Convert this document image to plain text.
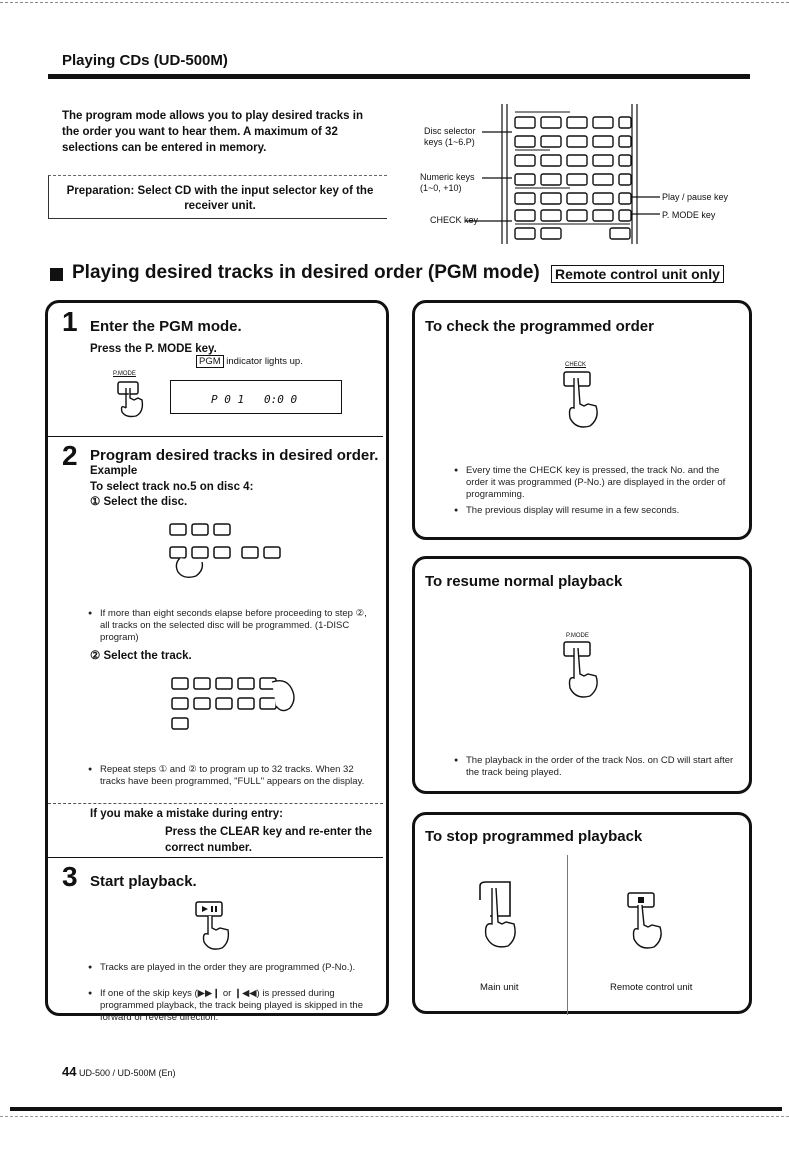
Playing CDs (UD-500M)
The program mode allows you to play desired tracks in the order you want to hear them. A maximum of 32 selections can be entered in memory.
Preparation: Select CD with the input selector key of the receiver unit.
Disc selector keys (1~6.P)
Numeric keys (1~0, +10)
CHECK key
Play / pause key
P. MODE key
Playing desired tracks in desired order (PGM mode) Remote control unit only
1 Enter the PGM mode.
Press the P. MODE key.
PGM indicator lights up.
P.MODE
P 0 1   0:0 0
2 Program desired tracks in desired order.
Example
To select track no.5 on disc 4:
① Select the disc.
● If more than eight seconds elapse before proceeding to step ②, all tracks on the selected disc will be programmed. (1-DISC program)
② Select the track.
● Repeat steps ① and ② to program up to 32 tracks. When 32 tracks have been programmed, "FULL" appears on the display.
If you make a mistake during entry:
Press the CLEAR key and re-enter the correct number.
3 Start playback.
● Tracks are played in the order they are programmed (P-No.).
● If one of the skip keys (▶▶❙ or ❙◀◀) is pressed during programmed playback, the track being played is skipped in the forward or reverse direction.
To check the programmed order
CHECK
● Every time the CHECK key is pressed, the track No. and the order it was programmed (P-No.) are displayed in the order of programming.
● The previous display will resume in a few seconds.
To resume normal playback
P.MODE
● The playback in the order of the track Nos. on CD will start after the track being played.
To stop programmed playback
Main unit	Remote control unit
44 UD-500 / UD-500M (En)
